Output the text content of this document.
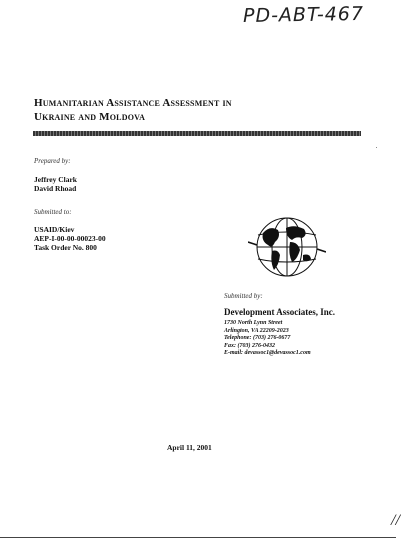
PD-ABT-467
Humanitarian Assistance Assessment in
Ukraine and Moldova
Prepared by:
Jeffrey Clark
David Rhoad
Submitted to:
USAID/Kiev
AEP-I-00-00-00023-00
Task Order No. 800
Submitted by:
Development Associates, Inc.
1730 North Lynn Street
Arlington, VA 22209-2023
Telephone: (703) 276-0677
Fax: (703) 276-0432
E-mail: devassoc1@devassoc1.com
April 11, 2001
//
